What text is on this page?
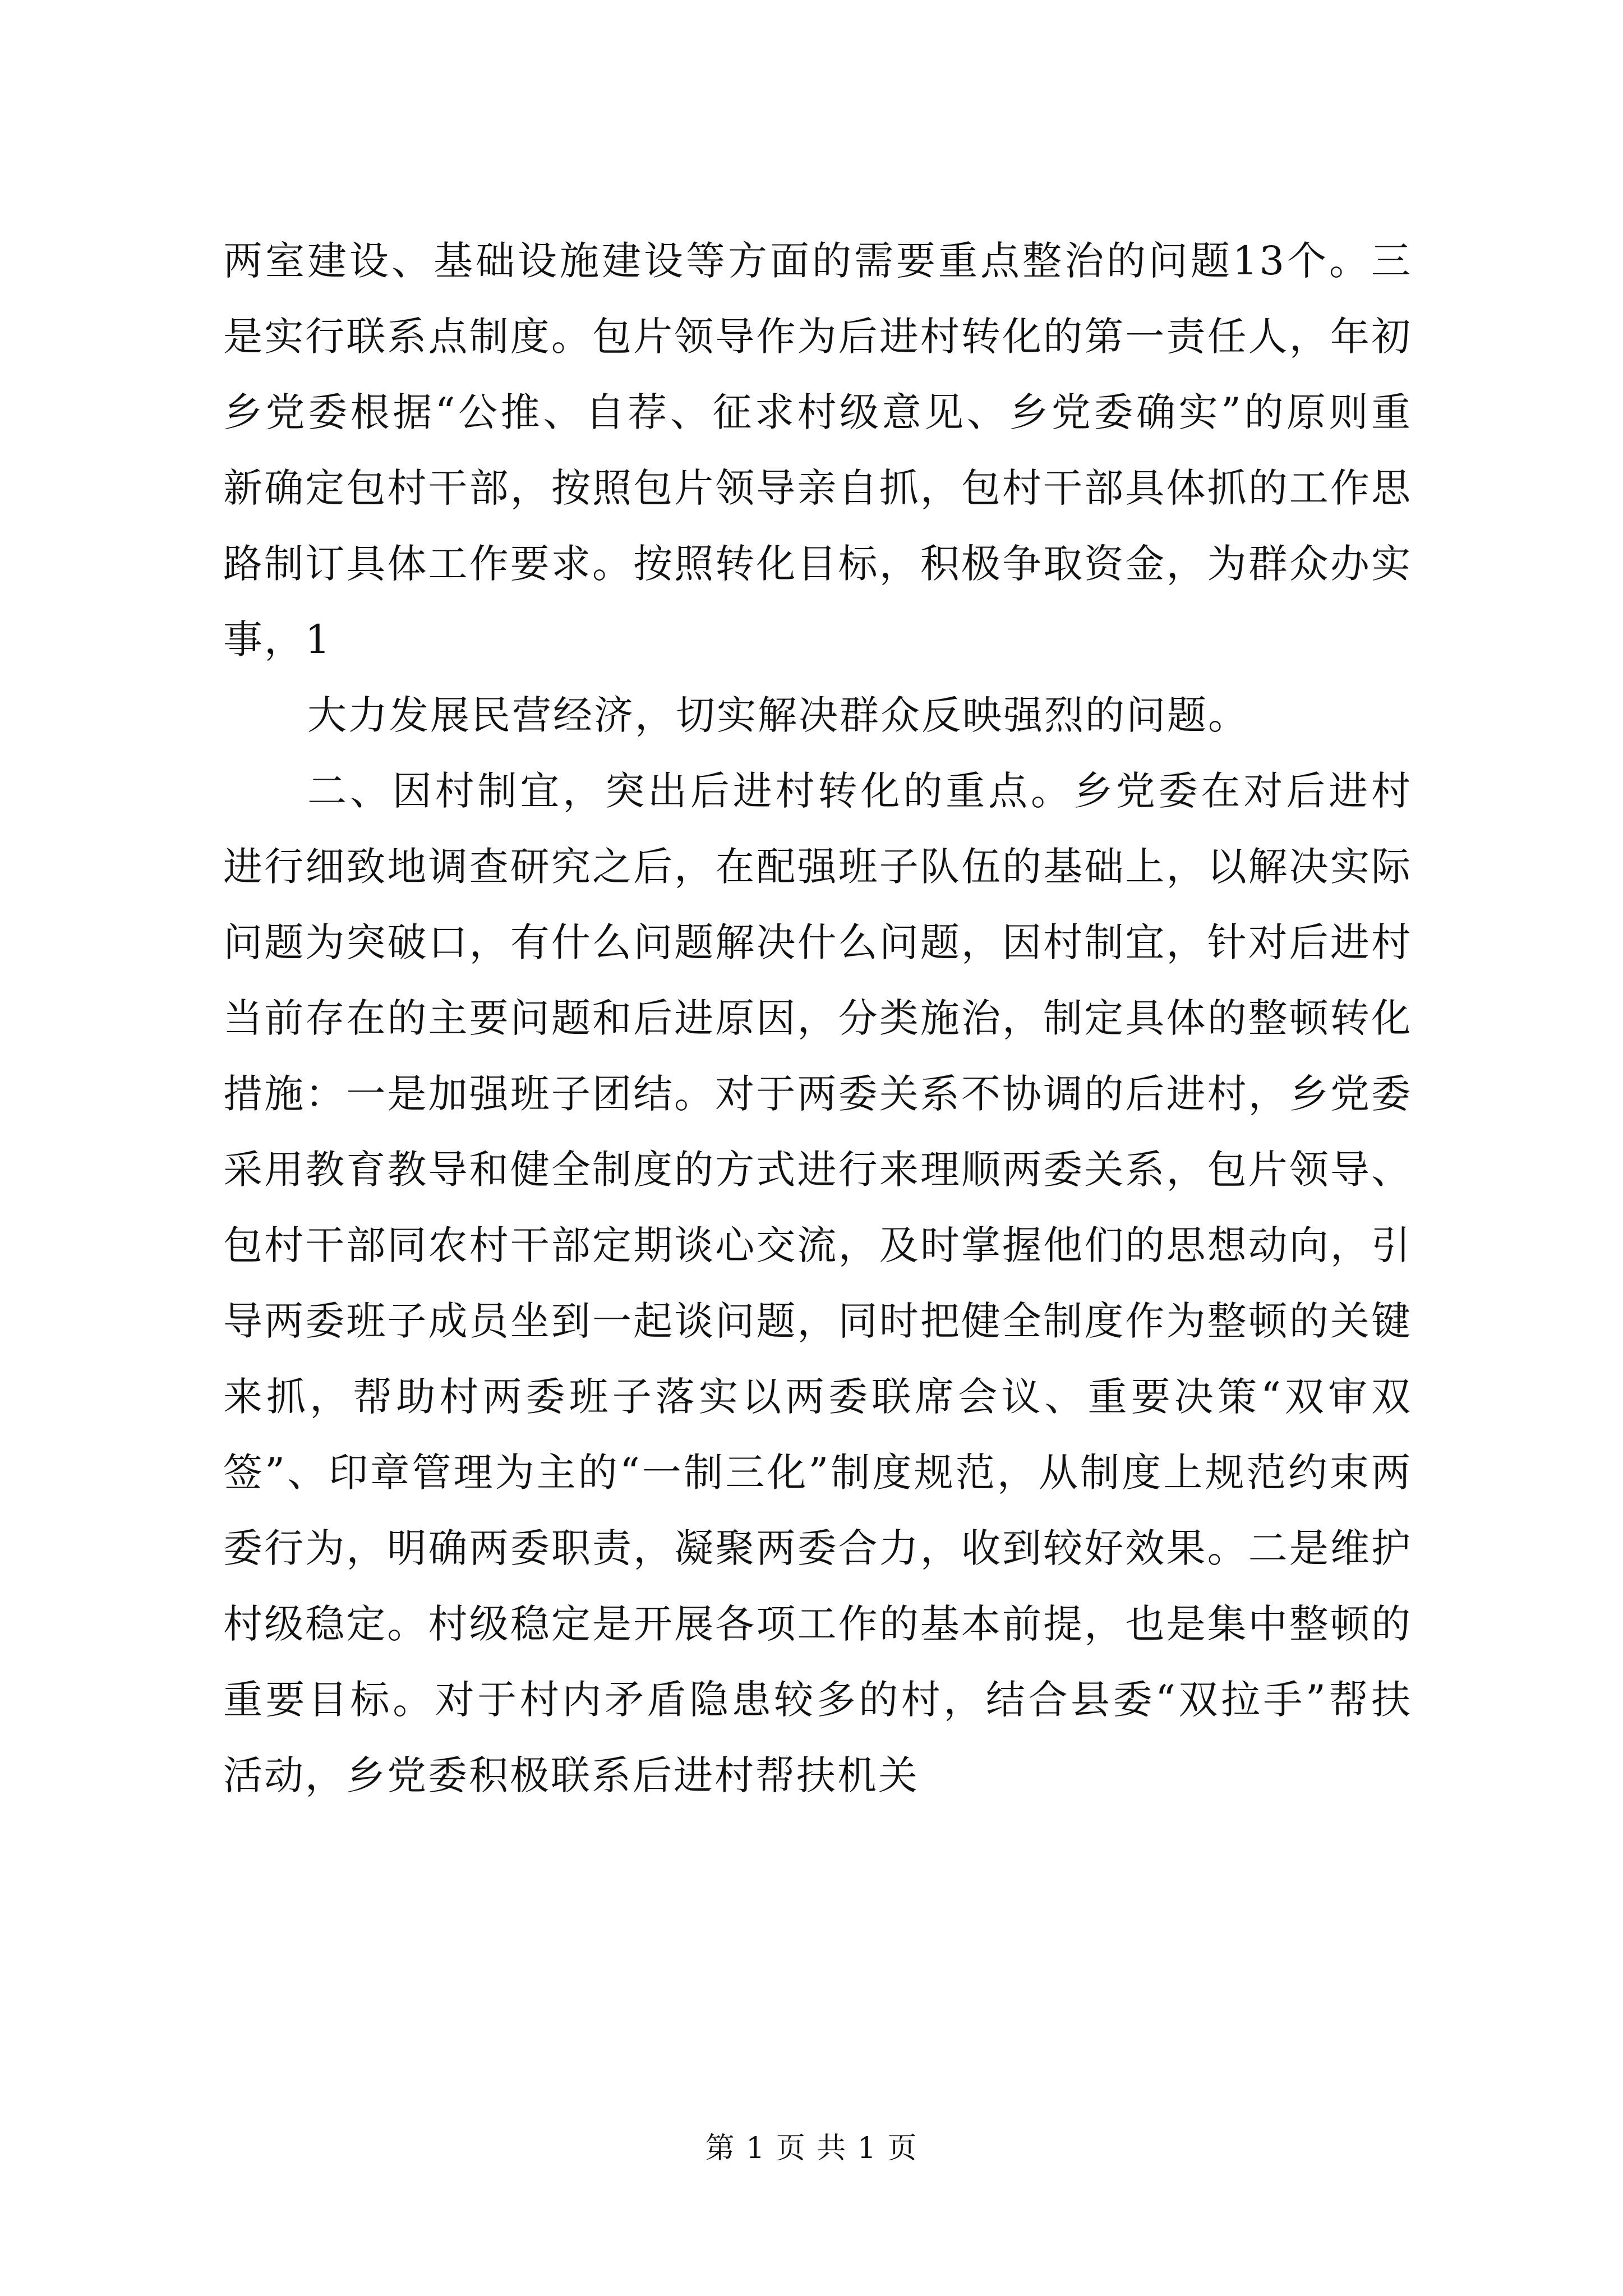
两室建设、基础设施建设等方面的需要重点整治的问题13个。三是实行联系点制度。包片领导作为后进村转化的第一责任人，年初乡党委根据“公推、自荐、征求村级意见、乡党委确实”的原则重新确定包村干部，按照包片领导亲自抓，包村干部具体抓的工作思路制订具体工作要求。按照转化目标，积极争取资金，为群众办实事，1

大力发展民营经济，切实解决群众反映强烈的问题。

二、因村制宜，突出后进村转化的重点。乡党委在对后进村进行细致地调查研究之后，在配强班子队伍的基础上，以解决实际问题为突破口，有什么问题解决什么问题，因村制宜，针对后进村当前存在的主要问题和后进原因，分类施治，制定具体的整顿转化措施：一是加强班子团结。对于两委关系不协调的后进村，乡党委采用教育教导和健全制度的方式进行来理顺两委关系，包片领导、包村干部同农村干部定期谈心交流，及时掌握他们的思想动向，引导两委班子成员坐到一起谈问题，同时把健全制度作为整顿的关键来抓，帮助村两委班子落实以两委联席会议、重要决策“双审双签”、印章管理为主的“一制三化”制度规范，从制度上规范约束两委行为，明确两委职责，凝聚两委合力，收到较好效果。二是维护村级稳定。村级稳定是开展各项工作的基本前提，也是集中整顿的重要目标。对于村内矛盾隐患较多的村，结合县委“双拉手”帮扶活动，乡党委积极联系后进村帮扶机关

第 1 页 共 1 页
